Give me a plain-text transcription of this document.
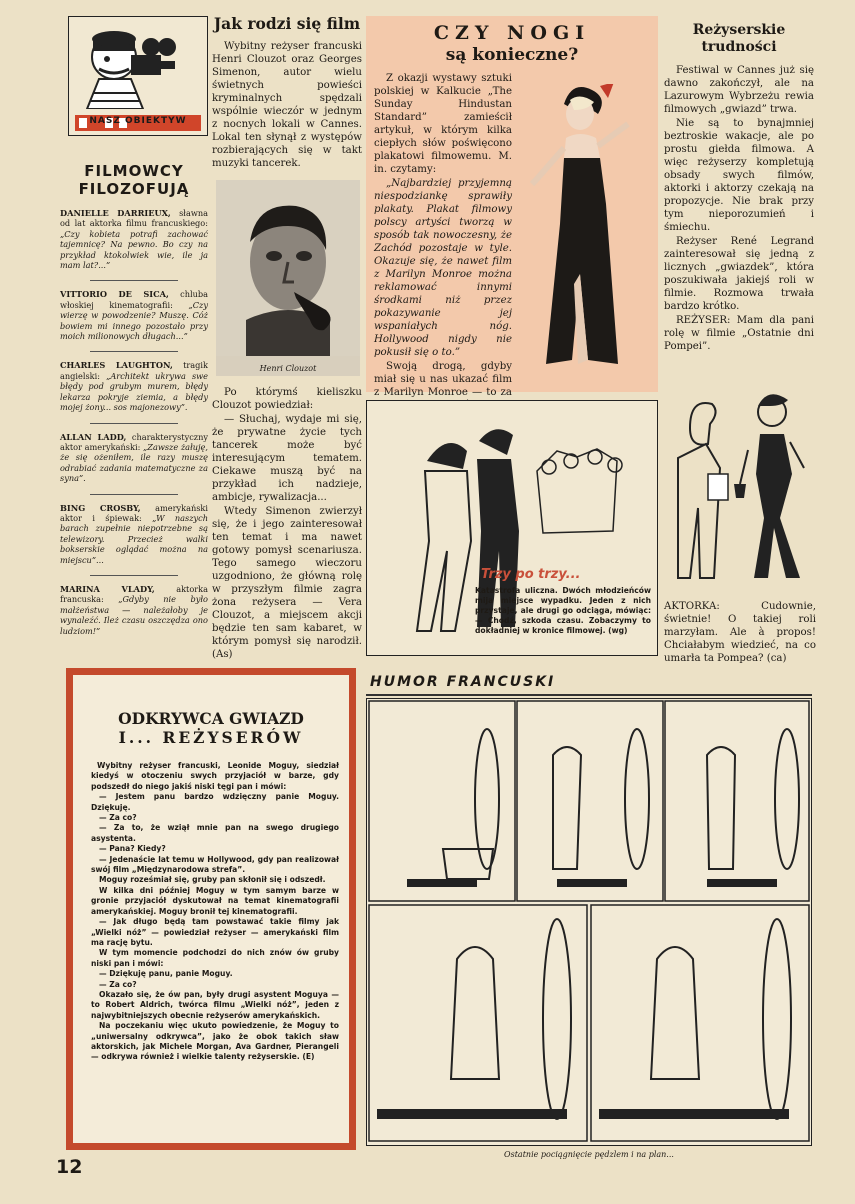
NASZ OBIEKTYW
FILMOWCY
FILOZOFUJĄ
DANIELLE DARRIEUX, sławna od lat aktorka filmu francuskiego: „Czy kobieta potrafi zachować tajemnicę? Na pewno. Bo czy na przykład ktokolwiek wie, ile ja mam lat?...”
VITTORIO DE SICA, chluba włoskiej kinematografii: „Czy wierzę w powodzenie? Muszę. Cóż bowiem mi innego pozostało przy moich milionowych długach...”
CHARLES LAUGHTON, tragik angielski: „Architekt ukrywa swe błędy pod grubym murem, błędy lekarza pokryje ziemia, a błędy mojej żony... sos majonezowy”.
ALLAN LADD, charakterystyczny aktor amerykański: „Zawsze żałuję, że się ożeniłem, ile razy muszę odrabiać zadania matematyczne za syna”.
BING CROSBY, amerykański aktor i śpiewak: „W naszych barach zupełnie niepotrzebne są telewizory. Przecież walki bokserskie oglądać można na miejscu”...
MARINA VLADY, aktorka francuska: „Gdyby nie było małżeństwa — należałoby je wynaleźć. Ileż czasu oszczędza ono ludziom!”
Jak rodzi się film

Wybitny reżyser francuski Henri Clouzot oraz Georges Simenon, autor wielu świetnych powieści kryminalnych spędzali wspólnie wieczór w jednym z nocnych lokali w Cannes. Lokal ten słynął z występów rozbierających się w takt muzyki tancerek.

Henri Clouzot

Po którymś kieliszku Clouzot powiedział:

— Słuchaj, wydaje mi się, że prywatne życie tych tancerek może być interesującym tematem. Ciekawe muszą być na przykład ich nadzieje, ambicje, rywalizacja...

Wtedy Simenon zwierzył się, że i jego zainteresował ten temat i ma nawet gotowy pomysł scenariusza. Tego samego wieczoru uzgodniono, że główną rolę w przyszłym filmie zagra żona reżysera — Vera Clouzot, a miejscem akcji będzie ten sam kabaret, w którym pomysł się narodził. (As)

CZY NOGI
są konieczne?

Z okazji wystawy sztuki polskiej w Kalkucie „The Sunday Hindustan Standard” zamieścił artykuł, w którym kilka ciepłych słów poświęcono plakatowi filmowemu. M. in. czytamy:

„Najbardziej przyjemną niespodziankę sprawiły plakaty. Plakat filmowy polscy artyści tworzą w sposób tak nowoczesny, że Zachód pozostaje w tyle. Okazuje się, że nawet film z Marilyn Monroe można reklamować innymi środkami niż przez pokazywanie jej wspaniałych nóg. Hollywood nigdy nie pokusił się o to.”

Swoją drogą, gdyby miał się u nas ukazać film z Marilyn Monroe — to za

Reżyserskie
trudności

Festiwal w Cannes już się dawno zakończył, ale na Lazurowym Wybrzeżu rewia filmowych „gwiazd” trwa.

Nie są to bynajmniej beztroskie wakacje, ale po prostu giełda filmowa. A więc reżyserzy kompletują obsady swych filmów, aktorki i aktorzy czekają na propozycje. Nie brak przy tym nieporozumień i śmiechu.

Reżyser René Legrand zainteresował się jedną z licznych „gwiazdek”, która poszukiwała jakiejś roli w filmie. Rozmowa trwała bardzo krótko.

REŻYSER: Mam dla pani rolę w filmie „Ostatnie dni Pompei”.

AKTORKA: Cudownie, świetnie! O takiej roli marzyłam. Ale à propos! Chciałabym wiedzieć, na co umarła ta Pompea? (ca)

Trzy po trzy...
Katastrofa uliczna. Dwóch młodzieńców mija miejsce wypadku. Jeden z nich przystaje, ale drugi go odciąga, mówiąc: — Chodź, szkoda czasu. Zobaczymy to dokładniej w kronice filmowej. (wg)
ODKRYWCA GWIAZD
I... REŻYSERÓW

Wybitny reżyser francuski, Leonide Moguy, siedział kiedyś w otoczeniu swych przyjaciół w barze, gdy podszedł do niego jakiś niski tęgi pan i mówi:

— Jestem panu bardzo wdzięczny panie Moguy. Dziękuję.

— Za co?

— Za to, że wziął mnie pan na swego drugiego asystenta.

— Pana? Kiedy?

— Jedenaście lat temu w Hollywood, gdy pan realizował swój film „Międzynarodowa strefa”.

Moguy roześmiał się, gruby pan skłonił się i odszedł.

W kilka dni później Moguy w tym samym barze w gronie przyjaciół dyskutował na temat kinematografii amerykańskiej. Moguy bronił tej kinematografii.

— Jak długo będą tam powstawać takie filmy jak „Wielki nóż” — powiedział reżyser — amerykański film ma rację bytu.

W tym momencie podchodzi do nich znów ów gruby niski pan i mówi:

— Dziękuję panu, panie Moguy.

— Za co?

Okazało się, że ów pan, były drugi asystent Moguya — to Robert Aldrich, twórca filmu „Wielki nóż”, jeden z najwybitniejszych obecnie reżyserów amerykańskich.

Na poczekaniu więc ukuto powiedzenie, że Moguy to „uniwersalny odkrywca”, jako że obok takich sław aktorskich, jak Michele Morgan, Ava Gardner, Pierangeli — odkrywa również i wielkie talenty reżyserskie. (E)

HUMOR FRANCUSKI
Ostatnie pociągnięcie pędzlem i na plan...
12
